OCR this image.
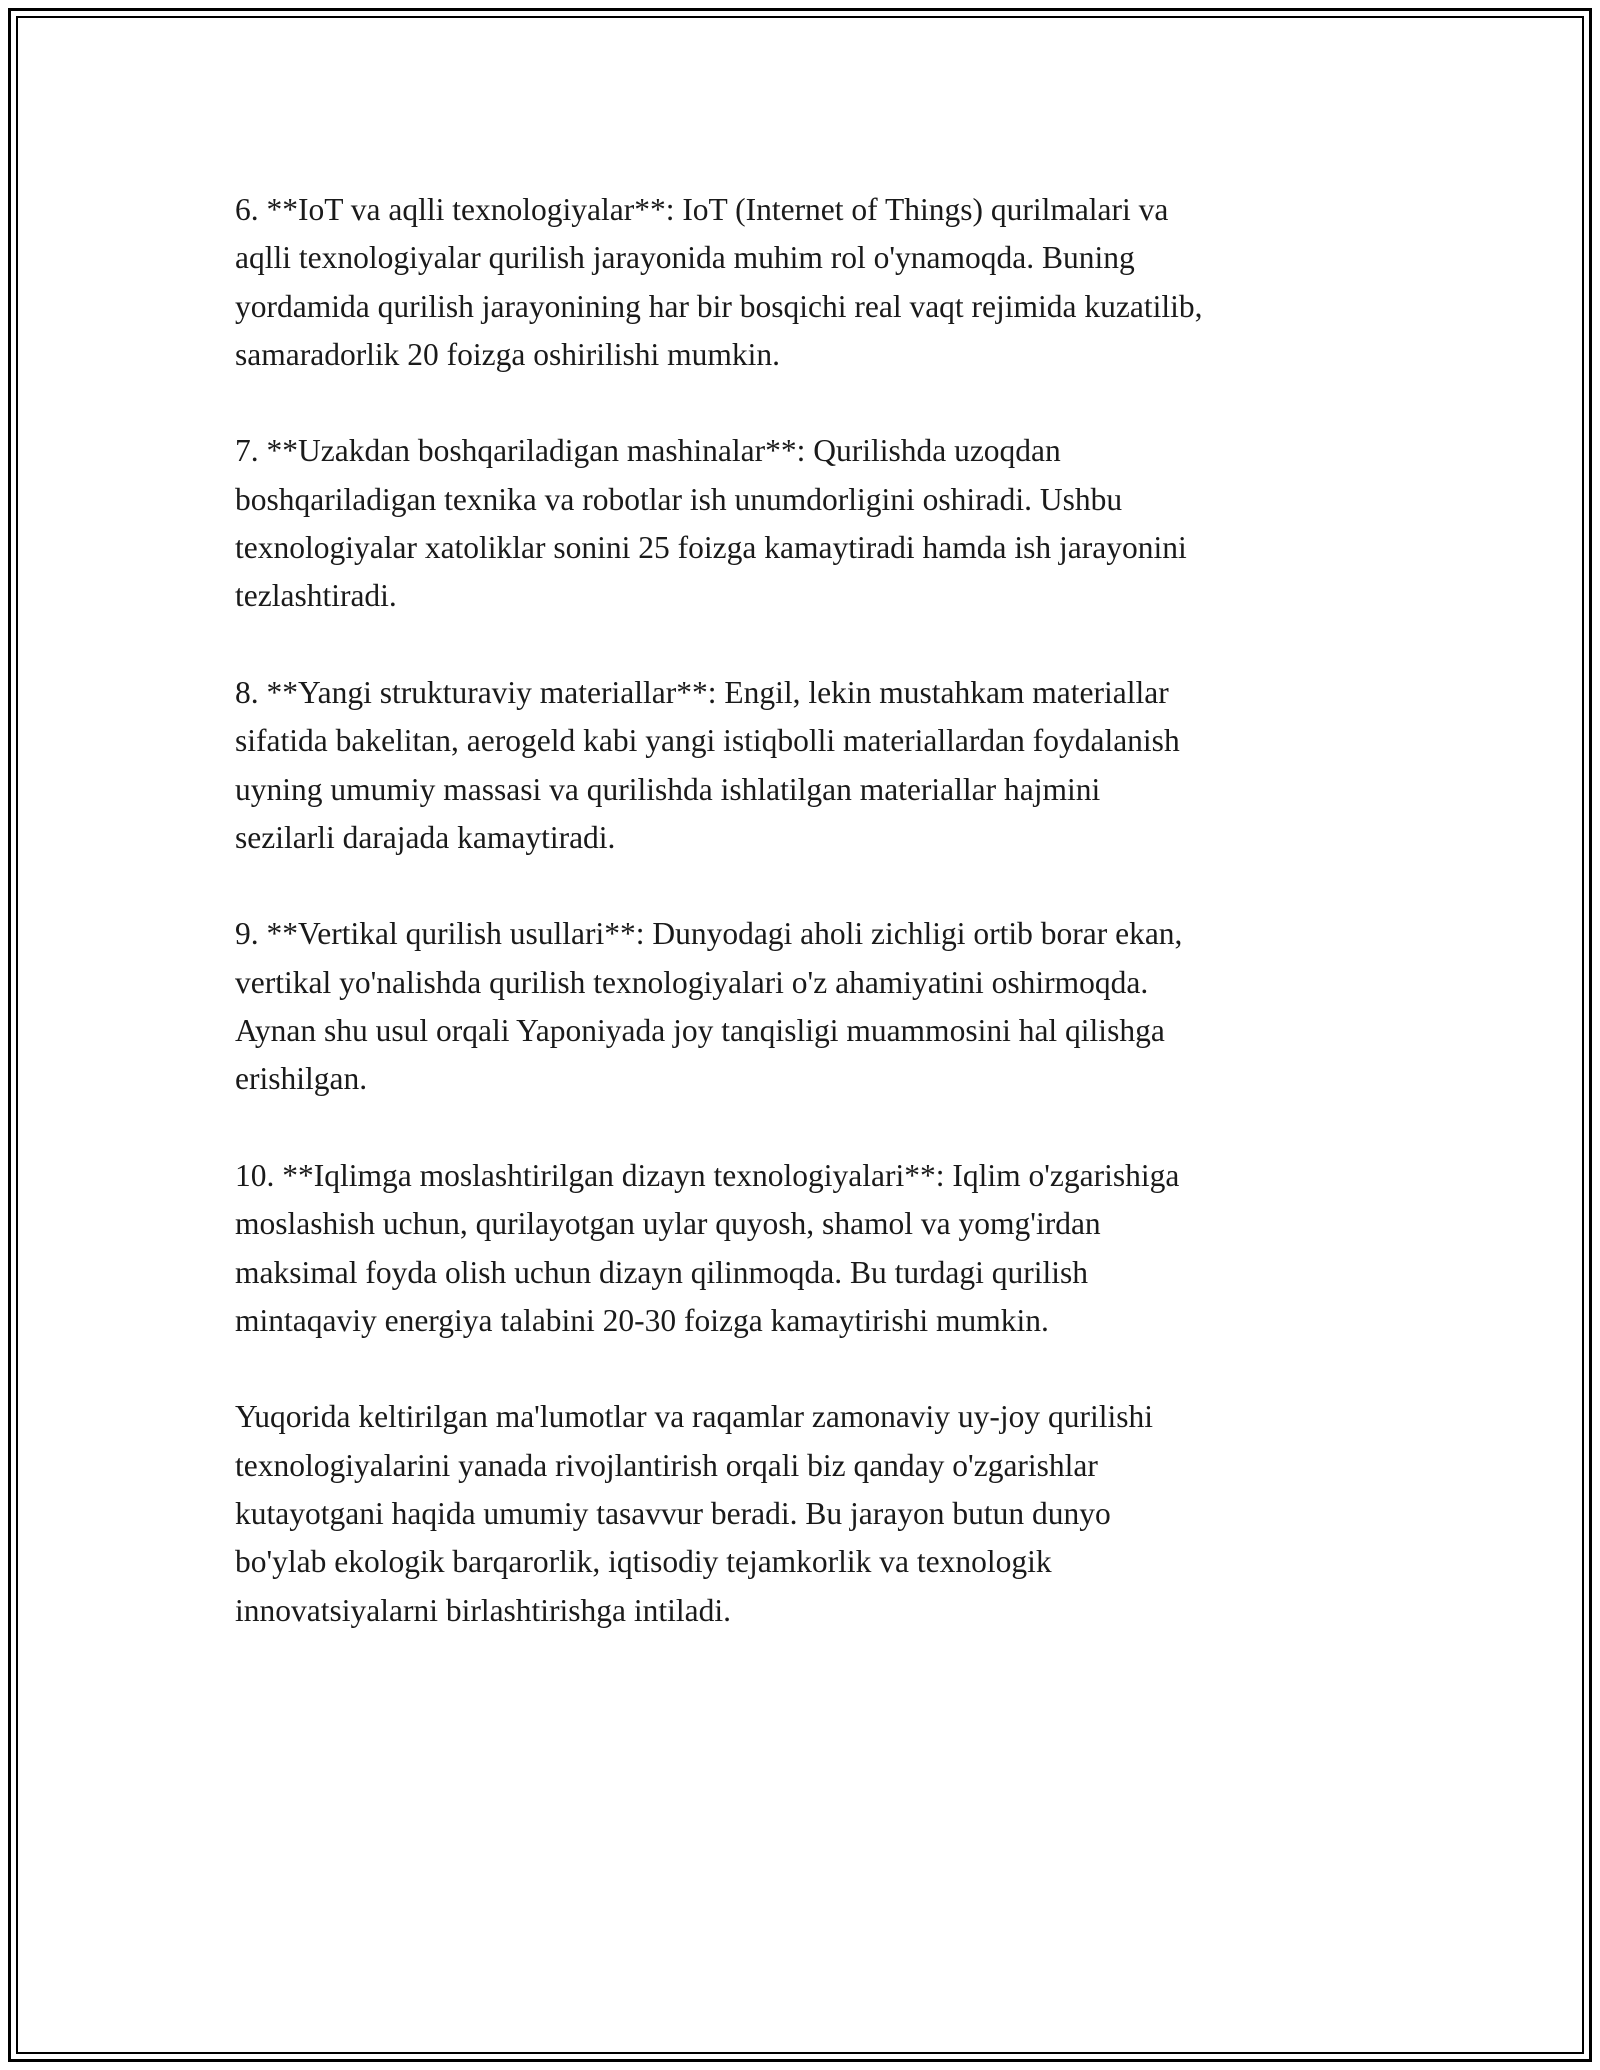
6. **IoT va aqlli texnologiyalar**: IoT (Internet of Things) qurilmalari va
aqlli texnologiyalar qurilish jarayonida muhim rol o'ynamoqda. Buning
yordamida qurilish jarayonining har bir bosqichi real vaqt rejimida kuzatilib,
samaradorlik 20 foizga oshirilishi mumkin.

7. **Uzakdan boshqariladigan mashinalar**: Qurilishda uzoqdan
boshqariladigan texnika va robotlar ish unumdorligini oshiradi. Ushbu
texnologiyalar xatoliklar sonini 25 foizga kamaytiradi hamda ish jarayonini
tezlashtiradi.

8. **Yangi strukturaviy materiallar**: Engil, lekin mustahkam materiallar
sifatida bakelitan, aerogeld kabi yangi istiqbolli materiallardan foydalanish
uyning umumiy massasi va qurilishda ishlatilgan materiallar hajmini
sezilarli darajada kamaytiradi.

9. **Vertikal qurilish usullari**: Dunyodagi aholi zichligi ortib borar ekan,
vertikal yo'nalishda qurilish texnologiyalari o'z ahamiyatini oshirmoqda.
Aynan shu usul orqali Yaponiyada joy tanqisligi muammosini hal qilishga
erishilgan.

10. **Iqlimga moslashtirilgan dizayn texnologiyalari**: Iqlim o'zgarishiga
moslashish uchun, qurilayotgan uylar quyosh, shamol va yomg'irdan
maksimal foyda olish uchun dizayn qilinmoqda. Bu turdagi qurilish
mintaqaviy energiya talabini 20-30 foizga kamaytirishi mumkin.

Yuqorida keltirilgan ma'lumotlar va raqamlar zamonaviy uy-joy qurilishi
texnologiyalarini yanada rivojlantirish orqali biz qanday o'zgarishlar
kutayotgani haqida umumiy tasavvur beradi. Bu jarayon butun dunyo
bo'ylab ekologik barqarorlik, iqtisodiy tejamkorlik va texnologik
innovatsiyalarni birlashtirishga intiladi.
